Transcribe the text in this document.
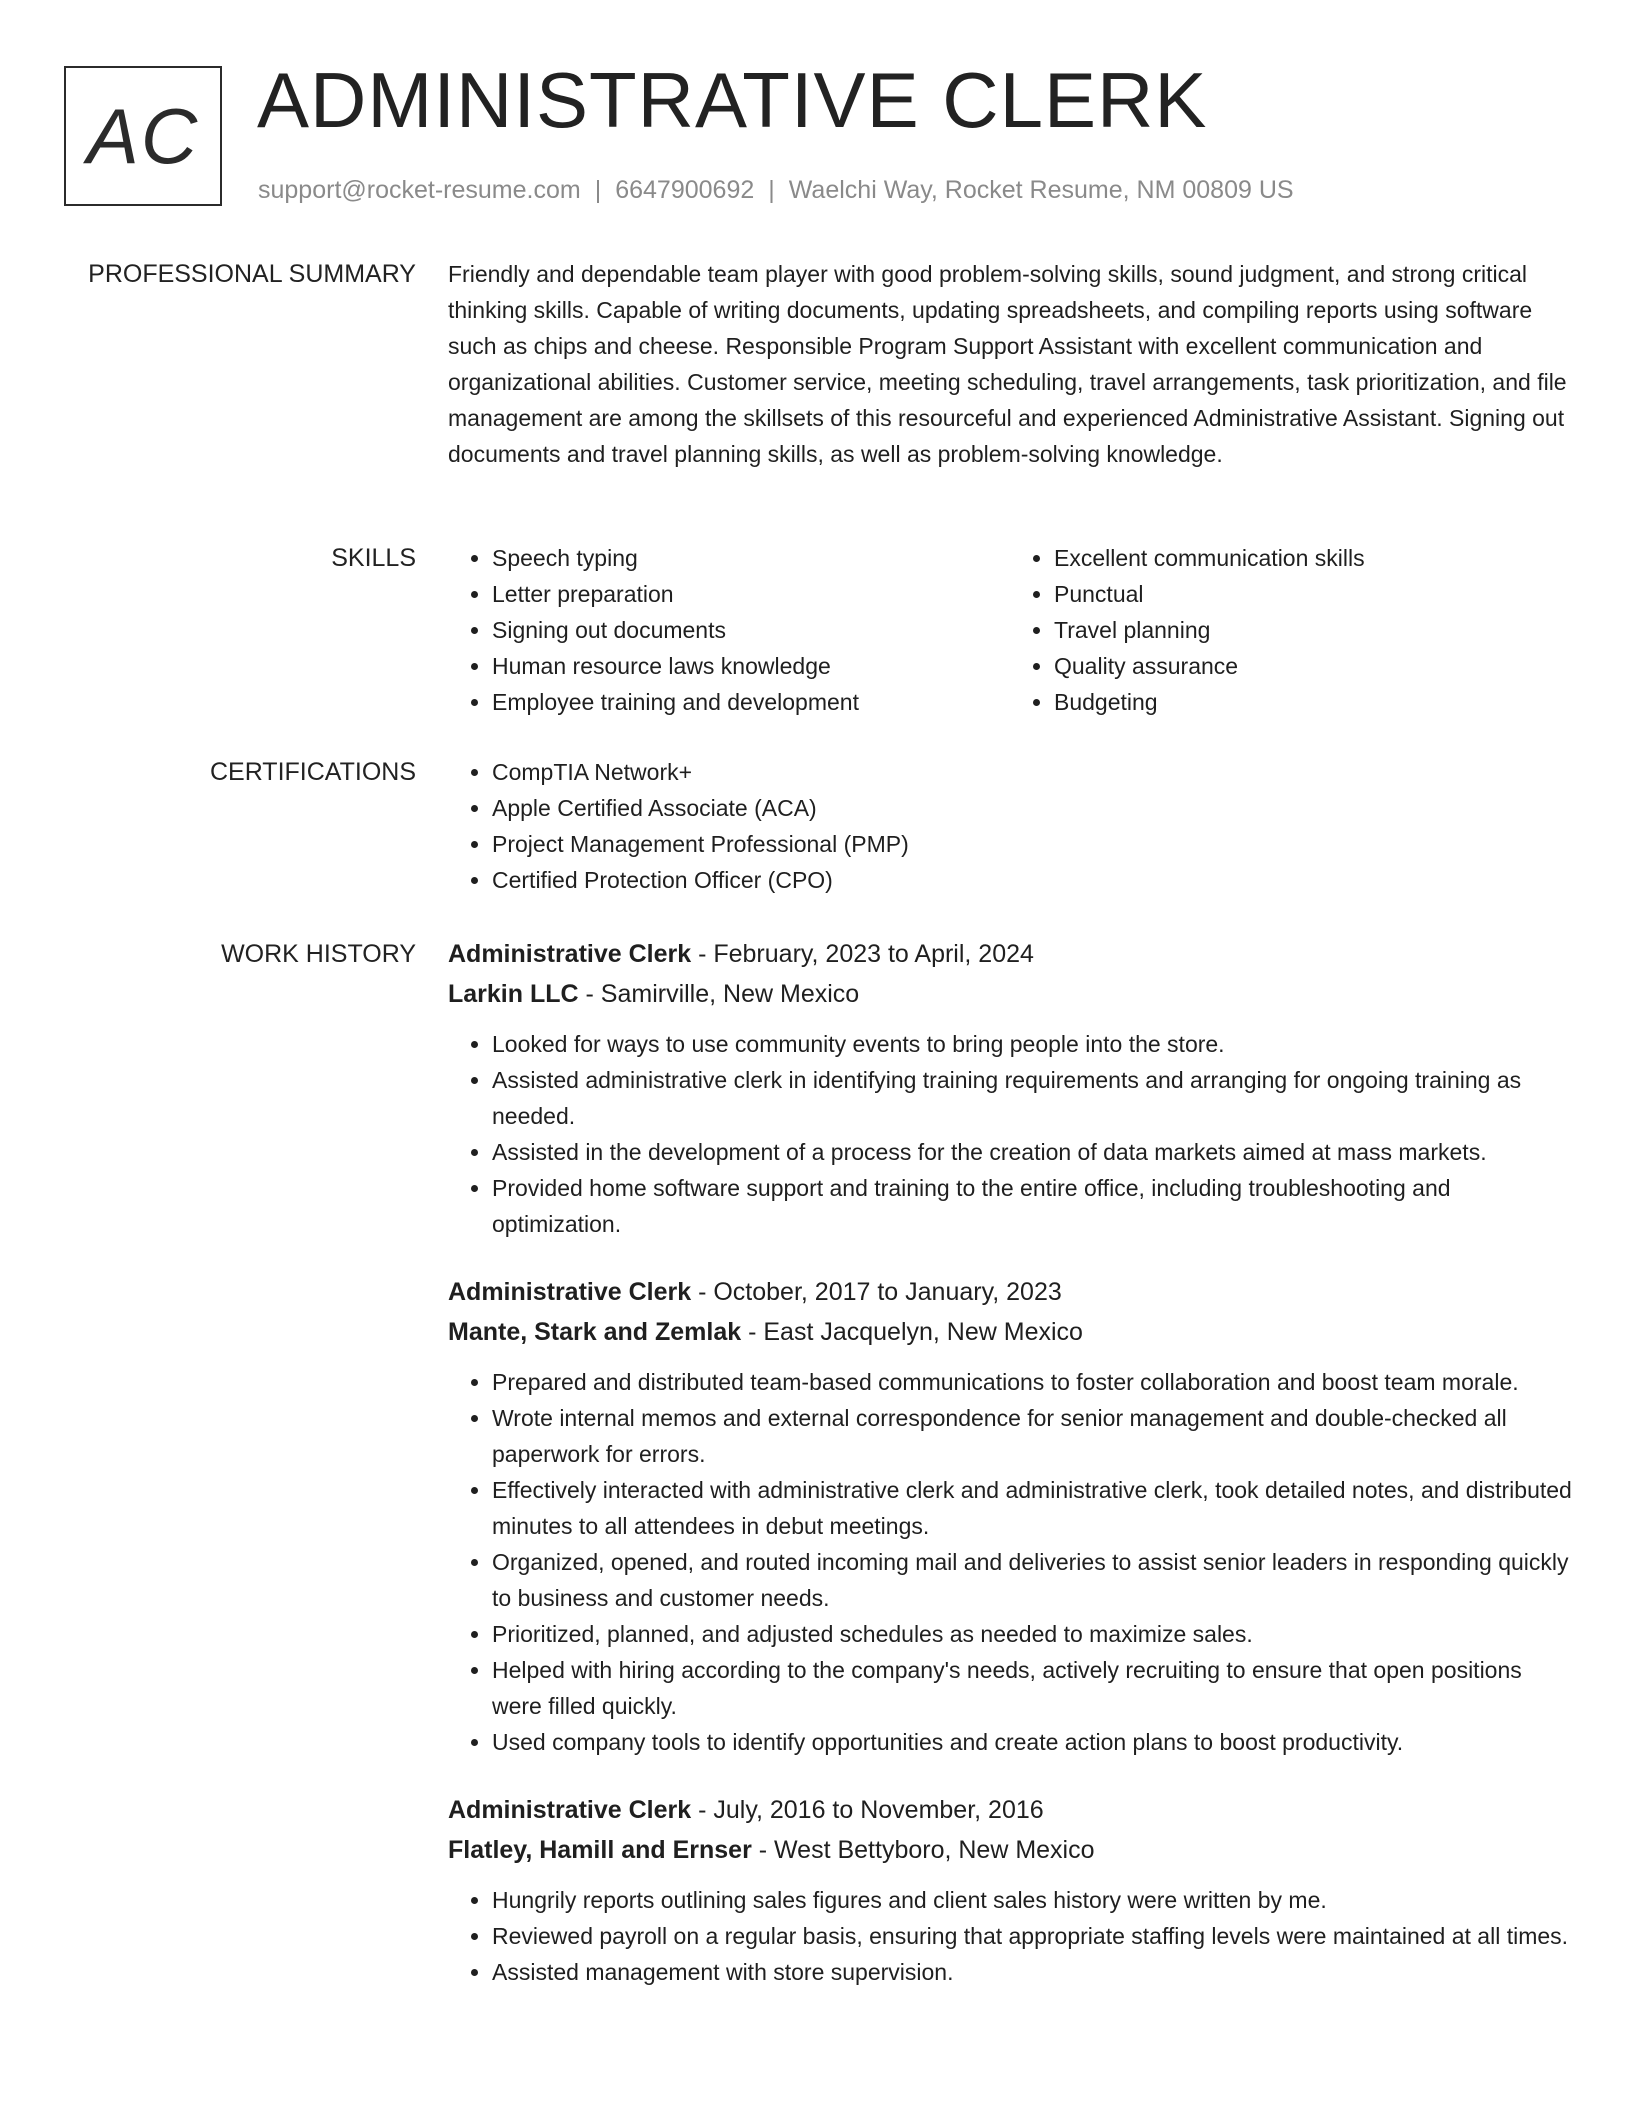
AC ADMINISTRATIVE CLERK
support@rocket-resume.com | 6647900692 | Waelchi Way, Rocket Resume, NM 00809 US
PROFESSIONAL SUMMARY Friendly and dependable team player with good problem-solving skills, sound judgment, and strong critical thinking skills. Capable of writing documents, updating spreadsheets, and compiling reports using software such as chips and cheese. Responsible Program Support Assistant with excellent communication and organizational abilities. Customer service, meeting scheduling, travel arrangements, task prioritization, and file management are among the skillsets of this resourceful and experienced Administrative Assistant. Signing out documents and travel planning skills, as well as problem-solving knowledge.
SKILLS	• Speech typing
• Letter preparation
• Signing out documents
• Human resource laws knowledge
• Employee training and development
• Excellent communication skills
• Punctual
• Travel planning
• Quality assurance
• Budgeting
CERTIFICATIONS	• CompTIA Network+
• Apple Certified Associate (ACA)
• Project Management Professional (PMP)
• Certified Protection Officer (CPO)
WORK HISTORY Administrative Clerk - February, 2023 to April, 2024
Larkin LLC - Samirville, New Mexico
• Looked for ways to use community events to bring people into the store.
• Assisted administrative clerk in identifying training requirements and arranging for ongoing training as needed.
• Assisted in the development of a process for the creation of data markets aimed at mass markets.
• Provided home software support and training to the entire office, including troubleshooting and optimization.
Administrative Clerk - October, 2017 to January, 2023
Mante, Stark and Zemlak - East Jacquelyn, New Mexico
• Prepared and distributed team-based communications to foster collaboration and boost team morale.
• Wrote internal memos and external correspondence for senior management and double-checked all paperwork for errors.
• Effectively interacted with administrative clerk and administrative clerk, took detailed notes, and distributed minutes to all attendees in debut meetings.
• Organized, opened, and routed incoming mail and deliveries to assist senior leaders in responding quickly to business and customer needs.
• Prioritized, planned, and adjusted schedules as needed to maximize sales.
• Helped with hiring according to the company's needs, actively recruiting to ensure that open positions were filled quickly.
• Used company tools to identify opportunities and create action plans to boost productivity.
Administrative Clerk - July, 2016 to November, 2016
Flatley, Hamill and Ernser - West Bettyboro, New Mexico
• Hungrily reports outlining sales figures and client sales history were written by me.
• Reviewed payroll on a regular basis, ensuring that appropriate staffing levels were maintained at all times.
• Assisted management with store supervision.
